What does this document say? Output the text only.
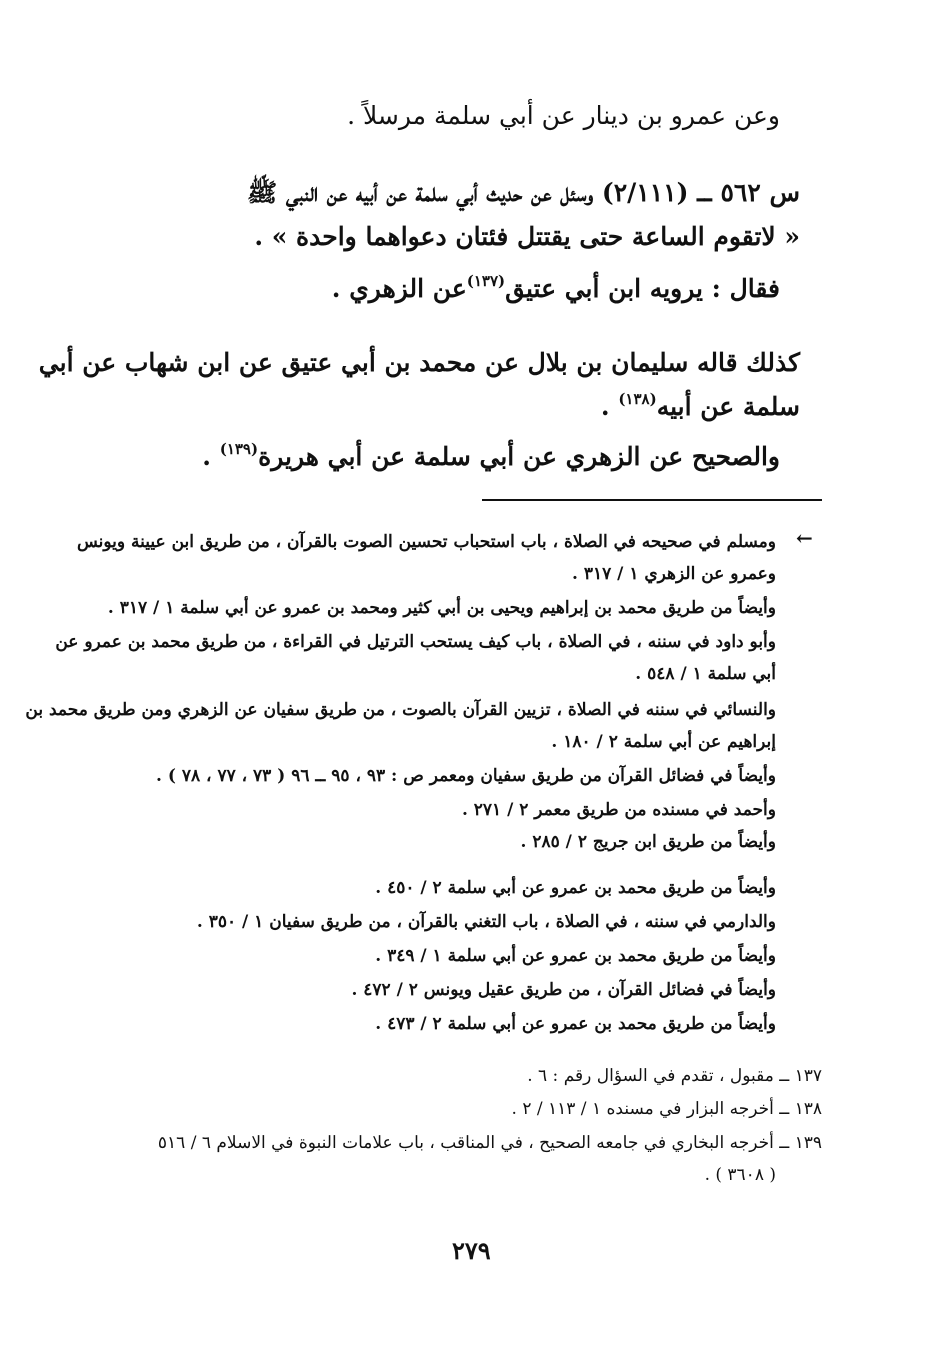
وعن عمرو بن دينار عن أبي سلمة مرسلاً .
س ٥٦٢ ــ (٢/١١١) وسئل عن حديث أبي سلمة عن أبيه عن النبي ﷺ
« لاتقوم الساعة حتى يقتتل فئتان دعواهما واحدة » .
فقال : يرويه ابن أبي عتيق$^{(١٣٧)}$عن الزهري .
كذلك قاله سليمان بن بلال عن محمد بن أبي عتيق عن ابن شهاب عن أبي
سلمة عن أبيه$^{(١٣٨)}$ .
والصحيح عن الزهري عن أبي سلمة عن أبي هريرة$^{(١٣٩)}$ .
←
ومسلم في صحيحه في الصلاة ، باب استحباب تحسين الصوت بالقرآن ، من طريق ابن عيينة ويونس
وعمرو عن الزهري ١ / ٣١٧ .
وأيضاً من طريق محمد بن إبراهيم ويحيى بن أبي كثير ومحمد بن عمرو عن أبي سلمة ١ / ٣١٧ .
وأبو داود في سننه ، في الصلاة ، باب كيف يستحب الترتيل في القراءة ، من طريق محمد بن عمرو عن
أبي سلمة ١ / ٥٤٨ .
والنسائي في سننه في الصلاة ، تزيين القرآن بالصوت ، من طريق سفيان عن الزهري ومن طريق محمد بن
إبراهيم عن أبي سلمة ٢ / ١٨٠ .
وأيضاً في فضائل القرآن من طريق سفيان ومعمر ص : ٩٣ ، ٩٥ ــ ٩٦ ( ٧٣ ، ٧٧ ، ٧٨ ) .
وأحمد في مسنده من طريق معمر ٢ / ٢٧١ .
وأيضاً من طريق ابن جريج ٢ / ٢٨٥ .
وأيضاً من طريق محمد بن عمرو عن أبي سلمة ٢ / ٤٥٠ .
والدارمي في سننه ، في الصلاة ، باب التغني بالقرآن ، من طريق سفيان ١ / ٣٥٠ .
وأيضاً من طريق محمد بن عمرو عن أبي سلمة ١ / ٣٤٩ .
وأيضاً في فضائل القرآن ، من طريق عقيل ويونس ٢ / ٤٧٢ .
وأيضاً من طريق محمد بن عمرو عن أبي سلمة ٢ / ٤٧٣ .
١٣٧ ــ مقبول ، تقدم في السؤال رقم : ٦ .
١٣٨ ــ أخرجه البزار في مسنده ١ / ١١٣ / ٢ .
١٣٩ ــ أخرجه البخاري في جامعه الصحيح ، في المناقب ، باب علامات النبوة في الاسلام ٦ / ٥١٦
( ٣٦٠٨ ) .
٢٧٩
